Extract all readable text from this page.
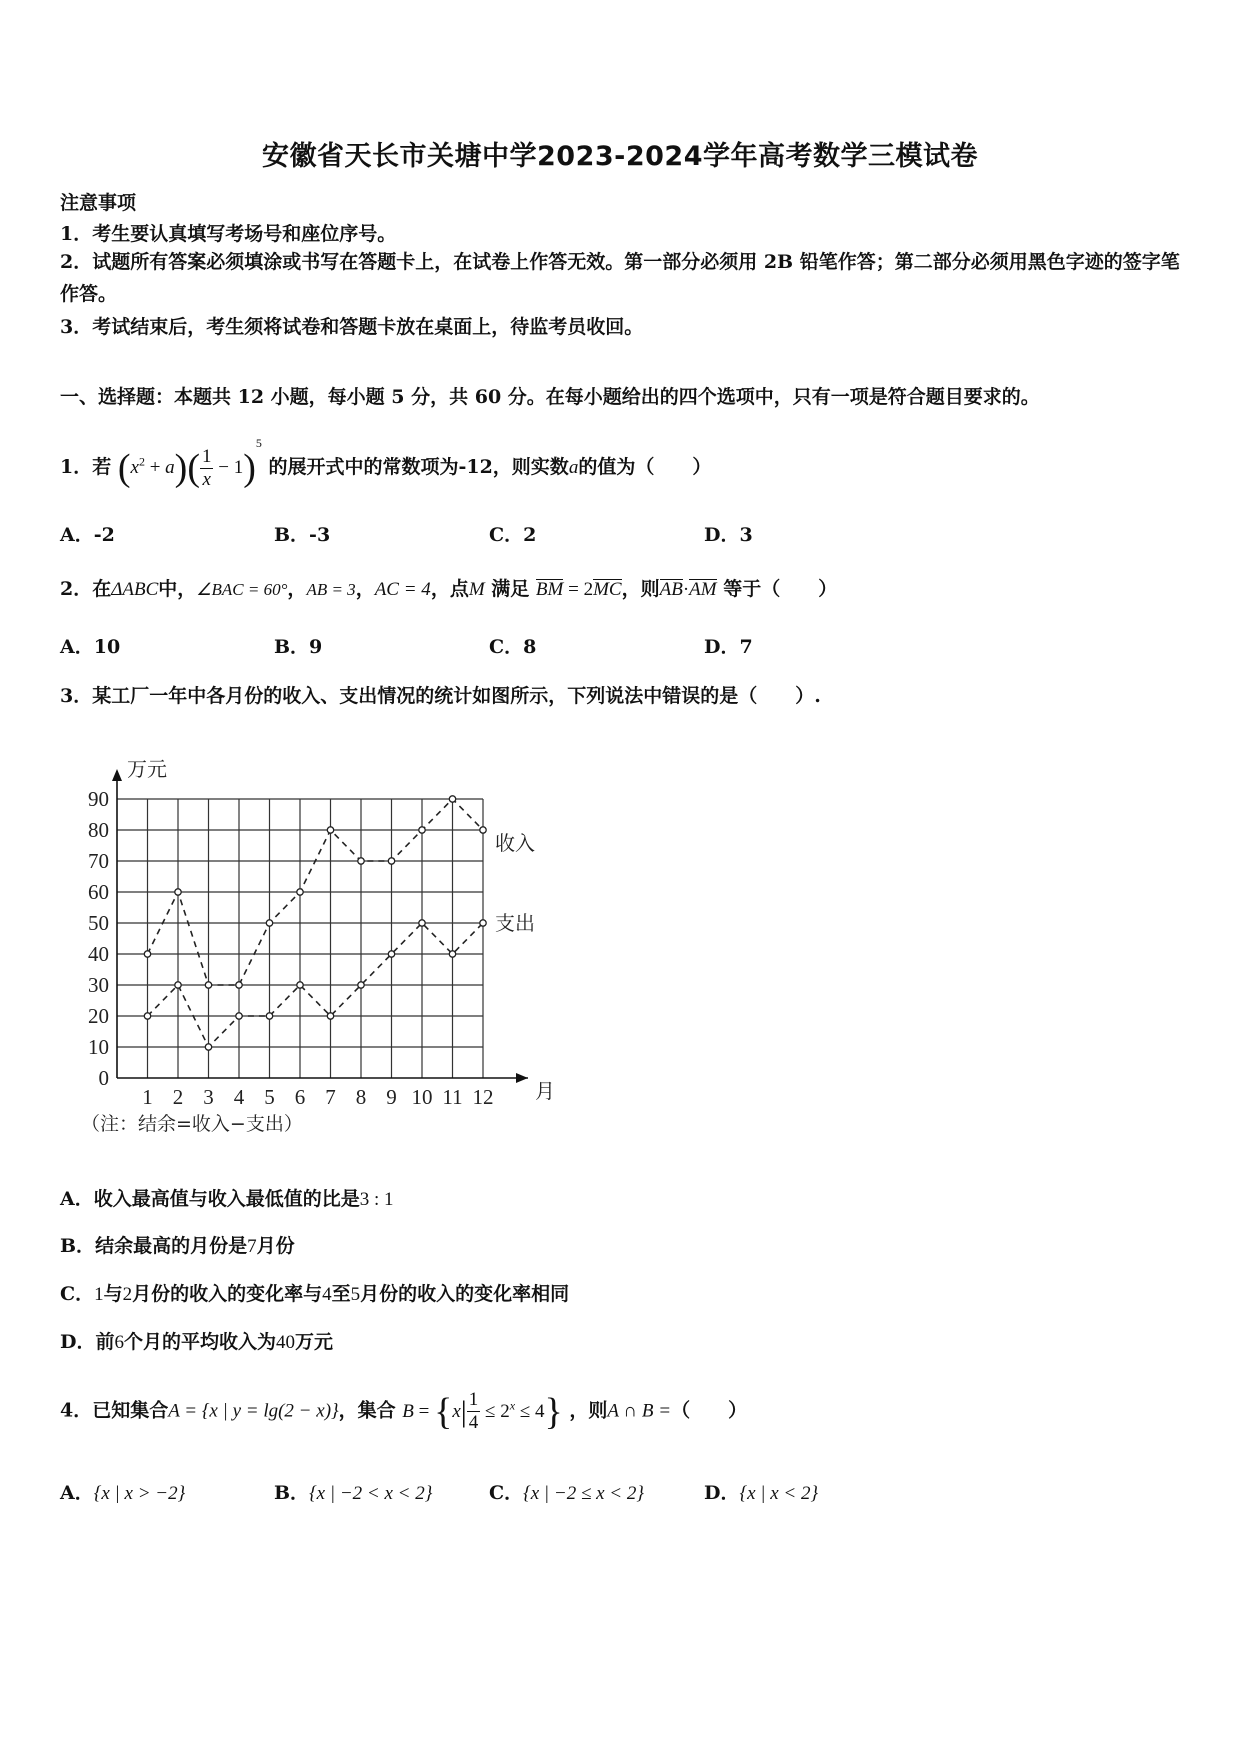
安徽省天长市关塘中学2023-2024学年高考数学三模试卷
注意事项
1．考生要认真填写考场号和座位序号。
2．试题所有答案必须填涂或书写在答题卡上，在试卷上作答无效。第一部分必须用 2B 铅笔作答；第二部分必须用黑色字迹的签字笔作答。
3．考试结束后，考生须将试卷和答题卡放在桌面上，待监考员收回。
一、选择题：本题共 12 小题，每小题 5 分，共 60 分。在每小题给出的四个选项中，只有一项是符合题目要求的。
1．若 $(x^2 + a)( \frac{1}{x} - 1)^5$ 的展开式中的常数项为-12，则实数a的值为（　　）
A．-2	B．-3	C．2	D．3
2．在ΔABC中，∠BAC = 60°，AB = 3，AC = 4，点M 满足 BM = 2MC，则AB·AM 等于（　　）
A．10	B．9	C．8	D．7
3．某工厂一年中各月份的收入、支出情况的统计如图所示，下列说法中错误的是（　　）.
0
10
20
30
40
50
60
70
80
90
1 2 3 4 5 6 7 8 9 10 11 12
万元
月
（注：结余=收入−支出）
收入
支出
A．收入最高值与收入最低值的比是3 : 1
B．结余最高的月份是7月份
C．1与2月份的收入的变化率与4至5月份的收入的变化率相同
D．前6个月的平均收入为40万元
4．已知集合A = {x | y = lg(2 − x)}，集合 $B = \{x| \frac{1}{4} \le 2^x \le 4\}$ ，则A ∩ B =（　　）
A．{x | x > −2}	B．{x | −2 < x < 2}	C．{x | −2 ≤ x < 2}	D．{x | x < 2}
